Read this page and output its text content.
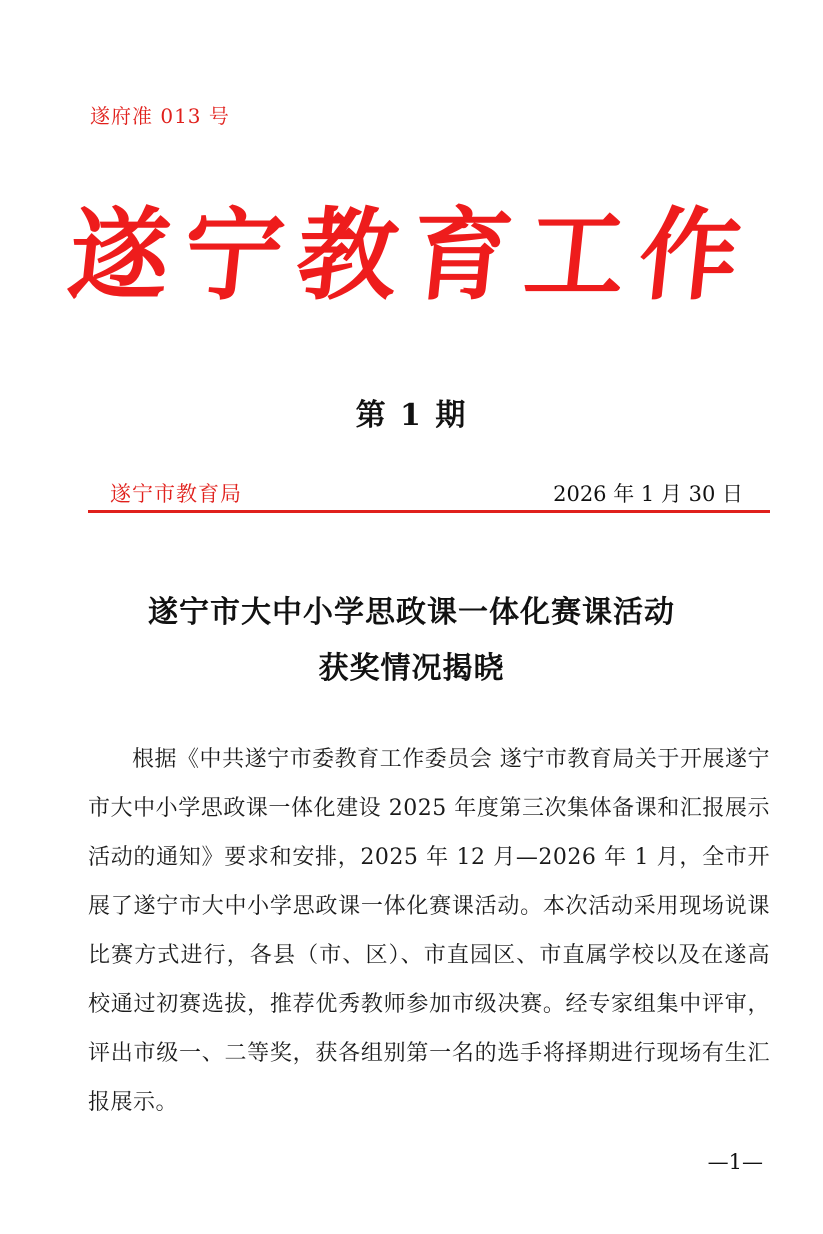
遂府准 013 号
遂宁教育工作
第 1 期
遂宁市教育局	2026 年 1 月 30 日
遂宁市大中小学思政课一体化赛课活动
获奖情况揭晓
根据《中共遂宁市委教育工作委员会 遂宁市教育局关于开展遂宁市大中小学思政课一体化建设 2025 年度第三次集体备课和汇报展示活动的通知》要求和安排，2025 年 12 月—2026 年 1 月，全市开展了遂宁市大中小学思政课一体化赛课活动。本次活动采用现场说课比赛方式进行，各县（市、区）、市直园区、市直属学校以及在遂高校通过初赛选拔，推荐优秀教师参加市级决赛。经专家组集中评审，评出市级一、二等奖，获各组别第一名的选手将择期进行现场有生汇报展示。
—1—
